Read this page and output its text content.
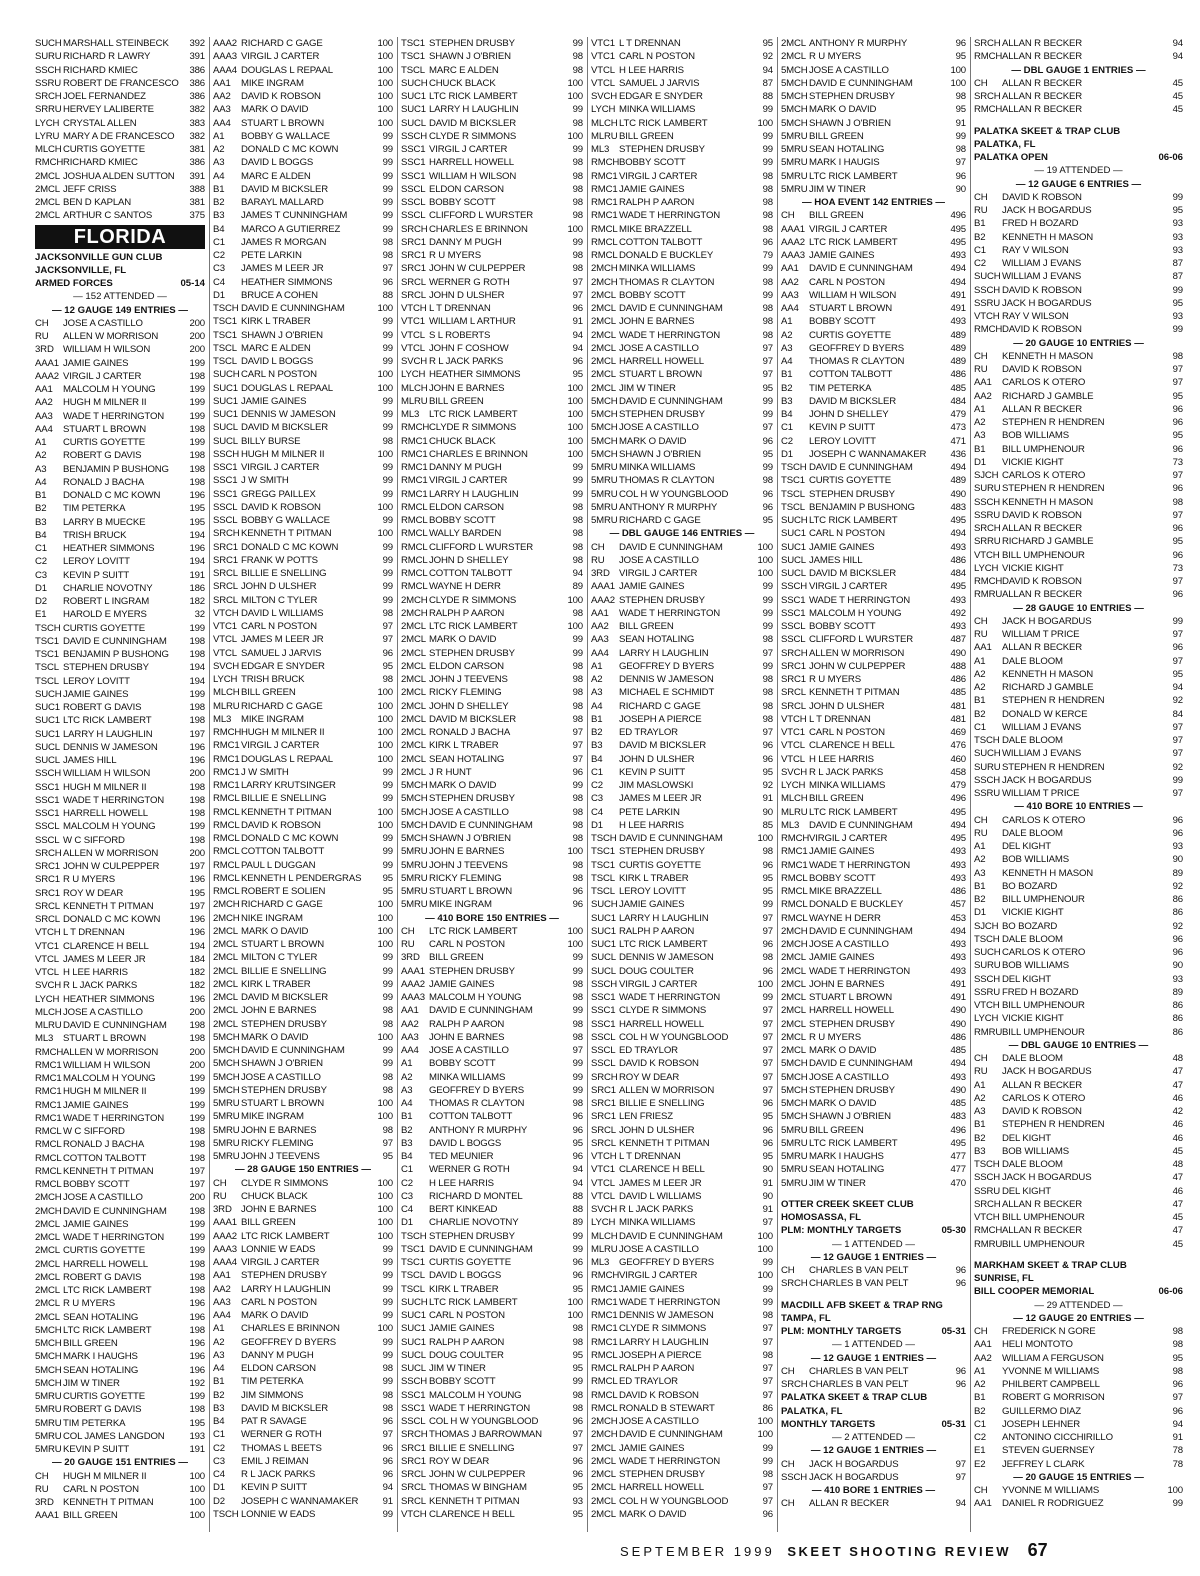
SUCH MARSHALL STEINBECK	392
SURU RICHARD R LAWRY	391
SSCH RICHARD KMIEC	386
SSRU ROBERT DE FRANCESCO	386
SRCH JOEL FERNANDEZ	386
SRRU HERVEY LALIBERTE	382
LYCH CRYSTAL ALLEN	383
LYRU MARY A DE FRANCESCO	382
MLCH CURTIS GOYETTE	381
RMCH RICHARD KMIEC	386
2MCL JOSHUA ALDEN SUTTON	391
2MCL JEFF CRISS	388
2MCL BEN D KAPLAN	381
2MCL ARTHUR C SANTOS	375
FLORIDA
JACKSONVILLE GUN CLUB
JACKSONVILLE, FL
ARMED FORCES	05-14
— 152 ATTENDED —
— 12 GAUGE 149 ENTRIES —
CH	JOSE A CASTILLO	200
RU	ALLEN W MORRISON	200
3RD WILLIAM H WILSON	200
AAA1 JAMIE GAINES	199
AAA2 VIRGIL J CARTER	198
AA1	MALCOLM H YOUNG	199
AA2	HUGH M MILNER II	199
AA3	WADE T HERRINGTON	199
AA4	STUART L BROWN	198
A1	CURTIS GOYETTE	199
A2	ROBERT G DAVIS	198
A3	BENJAMIN P BUSHONG	198
A4	RONALD J BACHA	198
B1	DONALD C MC KOWN	196
B2	TIM PETERKA	195
B3	LARRY B MUECKE	195
B4	TRISH BRUCK	194
C1	HEATHER SIMMONS	196
C2	LEROY LOVITT	194
C3	KEVIN P SUITT	191
D1	CHARLIE NOVOTNY	186
D2	ROBERT L INGRAM	182
E1	HAROLD E MYERS	32
TSCH CURTIS GOYETTE	199
TSC1 DAVID E CUNNINGHAM	198
TSC1 BENJAMIN P BUSHONG	198
TSCL STEPHEN DRUSBY	194
TSCL LEROY LOVITT	194
SUCH JAMIE GAINES	199
SUC1 ROBERT G DAVIS	198
SUC1 LTC RICK LAMBERT	198
SUC1 LARRY H LAUGHLIN	197
SUCL DENNIS W JAMESON	196
SUCL JAMES HILL	196
SSCH WILLIAM H WILSON	200
SSC1 HUGH M MILNER II	198
SSC1 WADE T HERRINGTON	198
SSC1 HARRELL HOWELL	198
SSCL MALCOLM H YOUNG	199
SSCL W C SIFFORD	198
SRCH ALLEN W MORRISON	200
SRC1 JOHN W CULPEPPER	197
SRC1 R U MYERS	196
SRC1 ROY W DEAR	195
SRCL KENNETH T PITMAN	197
SRCL DONALD C MC KOWN	196
VTCH L T DRENNAN	196
VTC1 CLARENCE H BELL	194
VTCL JAMES M LEER JR	184
VTCL H LEE HARRIS	182
SVCH R L JACK PARKS	182
LYCH HEATHER SIMMONS	196
MLCH JOSE A CASTILLO	200
MLRU DAVID E CUNNINGHAM	198
ML3	STUART L BROWN	198
RMCH ALLEN W MORRISON	200
RMC1 WILLIAM H WILSON	200
RMC1 MALCOLM H YOUNG	199
RMC1 HUGH M MILNER II	199
RMC1 JAMIE GAINES	199
RMC1 WADE T HERRINGTON	199
RMCL W C SIFFORD	198
RMCL RONALD J BACHA	198
RMCL COTTON TALBOTT	198
RMCL KENNETH T PITMAN	197
RMCL BOBBY SCOTT	197
2MCH JOSE A CASTILLO	200
2MCH DAVID E CUNNINGHAM	198
2MCL JAMIE GAINES	199
2MCL WADE T HERRINGTON	199
2MCL CURTIS GOYETTE	199
2MCL HARRELL HOWELL	198
2MCL ROBERT G DAVIS	198
2MCL LTC RICK LAMBERT	198
2MCL R U MYERS	196
2MCL SEAN HOTALING	196
5MCH LTC RICK LAMBERT	198
5MCH BILL GREEN	196
5MCH MARK I HAUGHS	196
5MCH SEAN HOTALING	196
5MCH JIM W TINER	192
5MRU CURTIS GOYETTE	199
5MRU ROBERT G DAVIS	198
5MRU TIM PETERKA	195
5MRU COL JAMES LANGDON	193
5MRU KEVIN P SUITT	191
— 20 GAUGE 151 ENTRIES —
CH	HUGH M MILNER II	100
RU	CARL N POSTON	100
3RD KENNETH T PITMAN	100
AAA1 BILL GREEN	100
AAA2 RICHARD C GAGE	100
AAA3 VIRGIL J CARTER	100
AAA4 DOUGLAS L REPAAL	100
AA1	MIKE INGRAM	100
AA2	DAVID K ROBSON	100
AA3	MARK O DAVID	100
AA4	STUART L BROWN	100
A1	BOBBY G WALLACE	99
A2	DONALD C MC KOWN	99
A3	DAVID L BOGGS	99
A4	MARC E ALDEN	99
B1	DAVID M BICKSLER	99
B2	BARAYL MALLARD	99
B3	JAMES T CUNNINGHAM	99
B4	MARCO A GUTIERREZ	99
C1	JAMES R MORGAN	98
C2	PETE LARKIN	98
C3	JAMES M LEER JR	97
C4	HEATHER SIMMONS	96
D1	BRUCE A COHEN	88
TSCH DAVID E CUNNINGHAM	100
TSC1 KIRK L TRABER	99
TSC1 SHAWN J O'BRIEN	99
TSCL MARC E ALDEN	99
TSCL DAVID L BOGGS	99
SUCH CARL N POSTON	100
SUC1 DOUGLAS L REPAAL	100
SUC1 JAMIE GAINES	99
SUC1 DENNIS W JAMESON	99
SUCL DAVID M BICKSLER	99
SUCL BILLY BURSE	98
SSCH HUGH M MILNER II	100
SSC1 VIRGIL J CARTER	99
SSC1 J W SMITH	99
SSC1 GREGG PAILLEX	99
SSCL DAVID K ROBSON	100
SSCL BOBBY G WALLACE	99
SRCH KENNETH T PITMAN	100
SRC1 DONALD C MC KOWN	99
SRC1 FRANK W POTTS	99
SRCL BILLIE E SNELLING	99
SRCL JOHN D ULSHER	99
SRCL MILTON C TYLER	99
VTCH DAVID L WILLIAMS	98
VTC1 CARL N POSTON	97
VTCL JAMES M LEER JR	97
VTCL SAMUEL J JARVIS	96
SVCH EDGAR E SNYDER	95
LYCH TRISH BRUCK	98
MLCH BILL GREEN	100
MLRU RICHARD C GAGE	100
ML3	MIKE INGRAM	100
RMCH HUGH M MILNER II	100
RMC1 VIRGIL J CARTER	100
RMC1 DOUGLAS L REPAAL	100
RMC1 J W SMITH	99
RMC1 LARRY KRUTSINGER	99
RMCL BILLIE E SNELLING	99
RMCL KENNETH T PITMAN	100
RMCL DAVID K ROBSON	100
RMCL DONALD C MC KOWN	99
RMCL COTTON TALBOTT	99
RMCL PAUL L DUGGAN	99
RMCL KENNETH L PENDERGRAS	95
RMCL ROBERT E SOLIEN	95
2MCH RICHARD C GAGE	100
2MCH NIKE INGRAM	100
2MCL MARK O DAVID	100
2MCL STUART L BROWN	100
2MCL MILTON C TYLER	99
2MCL BILLIE E SNELLING	99
2MCL KIRK L TRABER	99
2MCL DAVID M BICKSLER	99
2MCL JOHN E BARNES	98
2MCL STEPHEN DRUSBY	98
5MCH MARK O DAVID	100
5MCH DAVID E CUNNINGHAM	99
5MCH SHAWN J O'BRIEN	99
5MCH JOSE A CASTILLO	98
5MCH STEPHEN DRUSBY	98
5MRU STUART L BROWN	100
5MRU MIKE INGRAM	100
5MRU JOHN E BARNES	98
5MRU RICKY FLEMING	97
5MRU JOHN J TEEVENS	95
— 28 GAUGE 150 ENTRIES —
CH	CLYDE R SIMMONS	100
RU	CHUCK BLACK	100
3RD JOHN E BARNES	100
AAA1 BILL GREEN	100
AAA2 LTC RICK LAMBERT	100
AAA3 LONNIE W EADS	99
AAA4 VIRGIL J CARTER	99
AA1	STEPHEN DRUSBY	99
AA2	LARRY H LAUGHLIN	99
AA3	CARL N POSTON	99
AA4	MARK O DAVID	99
A1	CHARLES E BRINNON	100
A2	GEOFFREY D BYERS	99
A3	DANNY M PUGH	99
A4	ELDON CARSON	98
B1	TIM PETERKA	99
B2	JIM SIMMONS	98
B3	DAVID M BICKSLER	98
B4	PAT R SAVAGE	96
C1	WERNER G ROTH	97
C2	THOMAS L BEETS	96
C3	EMIL J REIMAN	96
C4	R L JACK PARKS	96
D1	KEVIN P SUITT	94
D2	JOSEPH C WANNAMAKER	91
TSCH LONNIE W EADS	99
TSC1 STEPHEN DRUSBY	99
TSC1 SHAWN J O'BRIEN	98
TSCL MARC E ALDEN	98
SUCH CHUCK BLACK	100
SUC1 LTC RICK LAMBERT	100
SUC1 LARRY H LAUGHLIN	99
SUCL DAVID M BICKSLER	98
SSCH CLYDE R SIMMONS	100
SSC1 VIRGIL J CARTER	99
SSC1 HARRELL HOWELL	98
SSC1 WILLIAM H WILSON	98
SSCL ELDON CARSON	98
SSCL BOBBY SCOTT	98
SSCL CLIFFORD L WURSTER	98
SRCH CHARLES E BRINNON	100
SRC1 DANNY M PUGH	99
SRC1 R U MYERS	98
SRC1 JOHN W CULPEPPER	98
SRCL WERNER G ROTH	97
SRCL JOHN D ULSHER	97
VTCH L T DRENNAN	96
VTC1 WILLIAM L ARTHUR	91
VTCL S L ROBERTS	94
VTCL JOHN F COSHOW	94
SVCH R L JACK PARKS	96
LYCH HEATHER SIMMONS	95
MLCH JOHN E BARNES	100
MLRU BILL GREEN	100
ML3	LTC RICK LAMBERT	100
RMCH CLYDE R SIMMONS	100
RMC1 CHUCK BLACK	100
RMC1 CHARLES E BRINNON	100
RMC1 DANNY M PUGH	99
RMC1 VIRGIL J CARTER	99
RMC1 LARRY H LAUGHLIN	99
RMCL ELDON CARSON	98
RMCL BOBBY SCOTT	98
RMCL WALLY BARDEN	98
RMCL CLIFFORD L WURSTER	98
RMCL JOHN D SHELLEY	98
RMCL COTTON TALBOTT	94
RMCL WAYNE H DERR	89
2MCH CLYDE R SIMMONS	100
2MCH RALPH P AARON	98
2MCL LTC RICK LAMBERT	100
2MCL MARK O DAVID	99
2MCL STEPHEN DRUSBY	99
2MCL ELDON CARSON	98
2MCL JOHN J TEEVENS	98
2MCL RICKY FLEMING	98
2MCL JOHN D SHELLEY	98
2MCL DAVID M BICKSLER	98
2MCL RONALD J BACHA	97
2MCL KIRK L TRABER	97
2MCL SEAN HOTALING	97
2MCL J R HUNT	96
5MCH MARK O DAVID	99
5MCH STEPHEN DRUSBY	98
5MCH JOSE A CASTILLO	98
5MCH DAVID E CUNNINGHAM	98
5MCH SHAWN J O'BRIEN	98
5MRU JOHN E BARNES	100
5MRU JOHN J TEEVENS	98
5MRU RICKY FLEMING	98
5MRU STUART L BROWN	96
5MRU MIKE INGRAM	96
— 410 BORE 150 ENTRIES —
CH	LTC RICK LAMBERT	100
RU	CARL N POSTON	100
3RD BILL GREEN	99
AAA1 STEPHEN DRUSBY	99
AAA2 JAMIE GAINES	98
AAA3 MALCOLM H YOUNG	98
AA1	DAVID E CUNNINGHAM	99
AA2	RALPH P AARON	98
AA3	JOHN E BARNES	98
AA4	JOSE A CASTILLO	97
A1	BOBBY SCOTT	99
A2	MINKA WILLIAMS	99
A3	GEOFFREY D BYERS	99
A4	THOMAS R CLAYTON	98
B1	COTTON TALBOTT	96
B2	ANTHONY R MURPHY	96
B3	DAVID L BOGGS	95
B4	TED MEUNIER	96
C1	WERNER G ROTH	94
C2	H LEE HARRIS	94
C3	RICHARD D MONTEL	88
C4	BERT KINKEAD	88
D1	CHARLIE NOVOTNY	89
TSCH STEPHEN DRUSBY	99
TSC1 DAVID E CUNNINGHAM	99
TSC1 CURTIS GOYETTE	96
TSCL DAVID L BOGGS	96
TSCL KIRK L TRABER	95
SUCH LTC RICK LAMBERT	100
SUC1 CARL N POSTON	100
SUC1 JAMIE GAINES	98
SUC1 RALPH P AARON	98
SUCL DOUG COULTER	95
SUCL JIM W TINER	95
SSCH BOBBY SCOTT	99
SSC1 MALCOLM H YOUNG	98
SSC1 WADE T HERRINGTON	98
SSCL COL H W YOUNGBLOOD	96
SRCH THOMAS J BARROWMAN	97
SRC1 BILLIE E SNELLING	97
SRC1 ROY W DEAR	96
SRCL JOHN W CULPEPPER	96
SRCL THOMAS W BINGHAM	95
SRCL KENNETH T PITMAN	93
VTCH CLARENCE H BELL	95
VTC1 L T DRENNAN	95
VTC1 CARL N POSTON	92
VTCL H LEE HARRIS	94
VTCL SAMUEL J JARVIS	87
SVCH EDGAR E SNYDER	88
LYCH MINKA WILLIAMS	99
MLCH LTC RICK LAMBERT	100
MLRU BILL GREEN	99
ML3	STEPHEN DRUSBY	99
RMCH BOBBY SCOTT	99
RMC1 VIRGIL J CARTER	98
RMC1 JAMIE GAINES	98
RMC1 RALPH P AARON	98
RMC1 WADE T HERRINGTON	98
RMCL MIKE BRAZZELL	98
RMCL COTTON TALBOTT	96
RMCL DONALD E BUCKLEY	79
2MCH MINKA WILLIAMS	99
2MCH THOMAS R CLAYTON	98
2MCL BOBBY SCOTT	99
2MCL DAVID E CUNNINGHAM	98
2MCL JOHN E BARNES	98
2MCL WADE T HERRINGTON	98
2MCL JOSE A CASTILLO	97
2MCL HARRELL HOWELL	97
2MCL STUART L BROWN	97
2MCL JIM W TINER	95
5MCH DAVID E CUNNINGHAM	99
5MCH STEPHEN DRUSBY	99
5MCH JOSE A CASTILLO	97
5MCH MARK O DAVID	96
5MCH SHAWN J O'BRIEN	95
5MRU MINKA WILLIAMS	99
5MRU THOMAS R CLAYTON	98
5MRU COL H W YOUNGBLOOD	96
5MRU ANTHONY R MURPHY	96
5MRU RICHARD C GAGE	95
— DBL GAUGE 146 ENTRIES —
CH	DAVID E CUNNINGHAM	100
RU	JOSE A CASTILLO	100
3RD VIRGIL J CARTER	100
AAA1 JAMIE GAINES	99
AAA2 STEPHEN DRUSBY	99
AA1	WADE T HERRINGTON	99
AA2	BILL GREEN	99
AA3	SEAN HOTALING	98
AA4	LARRY H LAUGHLIN	97
A1	GEOFFREY D BYERS	99
A2	DENNIS W JAMESON	98
A3	MICHAEL E SCHMIDT	98
A4	RICHARD C GAGE	98
B1	JOSEPH A PIERCE	98
B2	ED TRAYLOR	97
B3	DAVID M BICKSLER	96
B4	JOHN D ULSHER	96
C1	KEVIN P SUITT	95
C2	JIM MASLOWSKI	92
C3	JAMES M LEER JR	91
C4	PETE LARKIN	90
D1	H LEE HARRIS	85
TSCH DAVID E CUNNINGHAM	100
TSC1 STEPHEN DRUSBY	98
TSC1 CURTIS GOYETTE	96
TSCL KIRK L TRABER	95
TSCL LEROY LOVITT	95
SUCH JAMIE GAINES	99
SUC1 LARRY H LAUGHLIN	97
SUC1 RALPH P AARON	97
SUC1 LTC RICK LAMBERT	96
SUCL DENNIS W JAMESON	98
SUCL DOUG COULTER	96
SSCH VIRGIL J CARTER	100
SSC1 WADE T HERRINGTON	99
SSC1 CLYDE R SIMMONS	97
SSC1 HARRELL HOWELL	97
SSCL COL H W YOUNGBLOOD	97
SSCL ED TRAYLOR	97
SSCL DAVID K ROBSON	97
SRCH ROY W DEAR	97
SRC1 ALLEN W MORRISON	97
SRC1 BILLIE E SNELLING	96
SRC1 LEN FRIESZ	95
SRCL JOHN D ULSHER	96
SRCL KENNETH T PITMAN	96
VTCH L T DRENNAN	95
VTC1 CLARENCE H BELL	90
VTCL JAMES M LEER JR	91
VTCL DAVID L WILLIAMS	90
SVCH R L JACK PARKS	91
LYCH MINKA WILLIAMS	97
MLCH DAVID E CUNNINGHAM	100
MLRU JOSE A CASTILLO	100
ML3	GEOFFREY D BYERS	99
RMCH VIRGIL J CARTER	100
RMC1 JAMIE GAINES	99
RMC1 WADE T HERRINGTON	99
RMC1 DENNIS W JAMESON	98
RMC1 CLYDE R SIMMONS	97
RMC1 LARRY H LAUGHLIN	97
RMCL JOSEPH A PIERCE	98
RMCL RALPH P AARON	97
RMCL ED TRAYLOR	97
RMCL DAVID K ROBSON	97
RMCL RONALD B STEWART	86
2MCH JOSE A CASTILLO	100
2MCH DAVID E CUNNINGHAM	100
2MCL JAMIE GAINES	99
2MCL WADE T HERRINGTON	99
2MCL STEPHEN DRUSBY	98
2MCL HARRELL HOWELL	97
2MCL COL H W YOUNGBLOOD	97
2MCL MARK O DAVID	96
2MCL ANTHONY R MURPHY	96
2MCL R U MYERS	95
5MCH JOSE A CASTILLO	100
5MCH DAVID E CUNNINGHAM	100
5MCH STEPHEN DRUSBY	98
5MCH MARK O DAVID	95
5MCH SHAWN J O'BRIEN	91
5MRU BILL GREEN	99
5MRU SEAN HOTALING	98
5MRU MARK I HAUGIS	97
5MRU LTC RICK LAMBERT	96
5MRU JIM W TINER	90
— HOA EVENT 142 ENTRIES —
CH	BILL GREEN	496
AAA1 VIRGIL J CARTER	495
AAA2 LTC RICK LAMBERT	495
AAA3 JAMIE GAINES	493
AA1	DAVID E CUNNINGHAM	494
AA2	CARL N POSTON	494
AA3	WILLIAM H WILSON	491
AA4	STUART L BROWN	491
A1	BOBBY SCOTT	493
A2	CURTIS GOYETTE	489
A3	GEOFFREY D BYERS	489
A4	THOMAS R CLAYTON	489
B1	COTTON TALBOTT	486
B2	TIM PETERKA	485
B3	DAVID M BICKSLER	484
B4	JOHN D SHELLEY	479
C1	KEVIN P SUITT	473
C2	LEROY LOVITT	471
D1	JOSEPH C WANNAMAKER	436
TSCH DAVID E CUNNINGHAM	494
TSC1 CURTIS GOYETTE	489
TSCL STEPHEN DRUSBY	490
TSCL BENJAMIN P BUSHONG	483
SUCH LTC RICK LAMBERT	495
SUC1 CARL N POSTON	494
SUC1 JAMIE GAINES	493
SUCL JAMES HILL	486
SUCL DAVID M BICKSLER	484
SSCH VIRGIL J CARTER	495
SSC1 WADE T HERRINGTON	493
SSC1 MALCOLM H YOUNG	492
SSCL BOBBY SCOTT	493
SSCL CLIFFORD L WURSTER	487
SRCH ALLEN W MORRISON	490
SRC1 JOHN W CULPEPPER	488
SRC1 R U MYERS	486
SRCL KENNETH T PITMAN	485
SRCL JOHN D ULSHER	481
VTCH L T DRENNAN	481
VTC1 CARL N POSTON	469
VTCL CLARENCE H BELL	476
VTCL H LEE HARRIS	460
SVCH R L JACK PARKS	458
LYCH MINKA WILLIAMS	479
MLCH BILL GREEN	496
MLRU LTC RICK LAMBERT	495
ML3	DAVID E CUNNINGHAM	494
RMCH VIRGIL J CARTER	495
RMC1 JAMIE GAINES	493
RMC1 WADE T HERRINGTON	493
RMCL BOBBY SCOTT	493
RMCL MIKE BRAZZELL	486
RMCL DONALD E BUCKLEY	457
RMCL WAYNE H DERR	453
2MCH DAVID E CUNNINGHAM	494
2MCH JOSE A CASTILLO	493
2MCL JAMIE GAINES	493
2MCL WADE T HERRINGTON	493
2MCL JOHN E BARNES	491
2MCL STUART L BROWN	491
2MCL HARRELL HOWELL	490
2MCL STEPHEN DRUSBY	490
2MCL R U MYERS	486
2MCL MARK O DAVID	485
5MCH DAVID E CUNNINGHAM	494
5MCH JOSE A CASTILLO	493
5MCH STEPHEN DRUSBY	490
5MCH MARK O DAVID	485
5MCH SHAWN J O'BRIEN	483
5MRU BILL GREEN	496
5MRU LTC RICK LAMBERT	495
5MRU MARK I HAUGHS	477
5MRU SEAN HOTALING	477
5MRU JIM W TINER	470
OTTER CREEK SKEET CLUB
HOMOSASSA, FL
PLM: MONTHLY TARGETS	05-30
— 1 ATTENDED —
— 12 GAUGE 1 ENTRIES —
CH	CHARLES B VAN PELT	96
SRCH CHARLES B VAN PELT	96
MACDILL AFB SKEET & TRAP RNG
TAMPA, FL
PLM: MONTHLY TARGETS	05-31
— 1 ATTENDED —
— 12 GAUGE 1 ENTRIES —
CH	CHARLES B VAN PELT	96
SRCH CHARLES B VAN PELT	96
PALATKA SKEET & TRAP CLUB
PALATKA, FL
MONTHLY TARGETS	05-31
— 2 ATTENDED —
— 12 GAUGE 1 ENTRIES —
CH	JACK H BOGARDUS	97
SSCH JACK H BOGARDUS	97
— 410 BORE 1 ENTRIES —
CH	ALLAN R BECKER	94
SRCH ALLAN R BECKER	94
RMCH ALLAN R BECKER	94
— DBL GAUGE 1 ENTRIES —
CH	ALLAN R BECKER	45
SRCH ALLAN R BECKER	45
RMCH ALLAN R BECKER	45
PALATKA SKEET & TRAP CLUB
PALATKA, FL
PALATKA OPEN	06-06
— 19 ATTENDED —
— 12 GAUGE 6 ENTRIES —
CH	DAVID K ROBSON	99
RU	JACK H BOGARDUS	95
B1	FRED H BOZARD	93
B2	KENNETH H MASON	93
C1	RAY V WILSON	93
C2	WILLIAM J EVANS	87
SUCH WILLIAM J EVANS	87
SSCH DAVID K ROBSON	99
SSRU JACK H BOGARDUS	95
VTCH RAY V WILSON	93
RMCH DAVID K ROBSON	99
— 20 GAUGE 10 ENTRIES —
CH	KENNETH H MASON	98
RU	DAVID K ROBSON	97
AA1	CARLOS K OTERO	97
AA2	RICHARD J GAMBLE	95
A1	ALLAN R BECKER	96
A2	STEPHEN R HENDREN	96
A3	BOB WILLIAMS	95
B1	BILL UMPHENOUR	96
D1	VICKIE KIGHT	73
SJCH CARLOS K OTERO	97
SURU STEPHEN R HENDREN	96
SSCH KENNETH H MASON	98
SSRU DAVID K ROBSON	97
SRCH ALLAN R BECKER	96
SRRU RICHARD J GAMBLE	95
VTCH BILL UMPHENOUR	96
LYCH VICKIE KIGHT	73
RMCH DAVID K ROBSON	97
RMRU ALLAN R BECKER	96
— 28 GAUGE 10 ENTRIES —
CH	JACK H BOGARDUS	99
RU	WILLIAM T PRICE	97
AA1	ALLAN R BECKER	96
A1	DALE BLOOM	97
A2	KENNETH H MASON	95
A2	RICHARD J GAMBLE	94
B1	STEPHEN R HENDREN	92
B2	DONALD W KERCE	84
C1	WILLIAM J EVANS	97
TSCH DALE BLOOM	97
SUCH WILLIAM J EVANS	97
SURU STEPHEN R HENDREN	92
SSCH JACK H BOGARDUS	99
SSRU WILLIAM T PRICE	97
— 410 BORE 10 ENTRIES —
CH	CARLOS K OTERO	96
RU	DALE BLOOM	96
A1	DEL KIGHT	93
A2	BOB WILLIAMS	90
A3	KENNETH H MASON	89
B1	BO BOZARD	92
B2	BILL UMPHENOUR	86
D1	VICKIE KIGHT	86
SJCH BO BOZARD	92
TSCH DALE BLOOM	96
SUCH CARLOS K OTERO	96
SURU BOB WILLIAMS	90
SSCH DEL KIGHT	93
SSRU FRED H BOZARD	89
VTCH BILL UMPHENOUR	86
LYCH VICKIE KIGHT	86
RMRU BILL UMPHENOUR	86
— DBL GAUGE 10 ENTRIES —
CH	DALE BLOOM	48
RU	JACK H BOGARDUS	47
A1	ALLAN R BECKER	47
A2	CARLOS K OTERO	46
A3	DAVID K ROBSON	42
B1	STEPHEN R HENDREN	46
B2	DEL KIGHT	46
B3	BOB WILLIAMS	45
TSCH DALE BLOOM	48
SSCH JACK H BOGARDUS	47
SSRU DEL KIGHT	46
SRCH ALLAN R BECKER	47
VTCH BILL UMPHENOUR	45
RMCH ALLAN R BECKER	47
RMRU BILL UMPHENOUR	45
MARKHAM SKEET & TRAP CLUB
SUNRISE, FL
BILL COOPER MEMORIAL	06-06
— 29 ATTENDED —
— 12 GAUGE 20 ENTRIES —
CH	FREDERICK N GORE	98
AA1	HELI MONTOTO	98
AA2	WILLIAM A FERGUSON	95
A1	YVONNE M WILLIAMS	98
A2	PHILBERT CAMPBELL	96
B1	ROBERT G MORRISON	97
B2	GUILLERMO DIAZ	96
C1	JOSEPH LEHNER	94
C2	ANTONINO CICCHIRILLO	91
E1	STEVEN GUERNSEY	78
E2	JEFFREY L CLARK	78
— 20 GAUGE 15 ENTRIES —
CH	YVONNE M WILLIAMS	100
AA1	DANIEL R RODRIGUEZ	99
SEPTEMBER 1999 SKEET SHOOTING REVIEW 67
